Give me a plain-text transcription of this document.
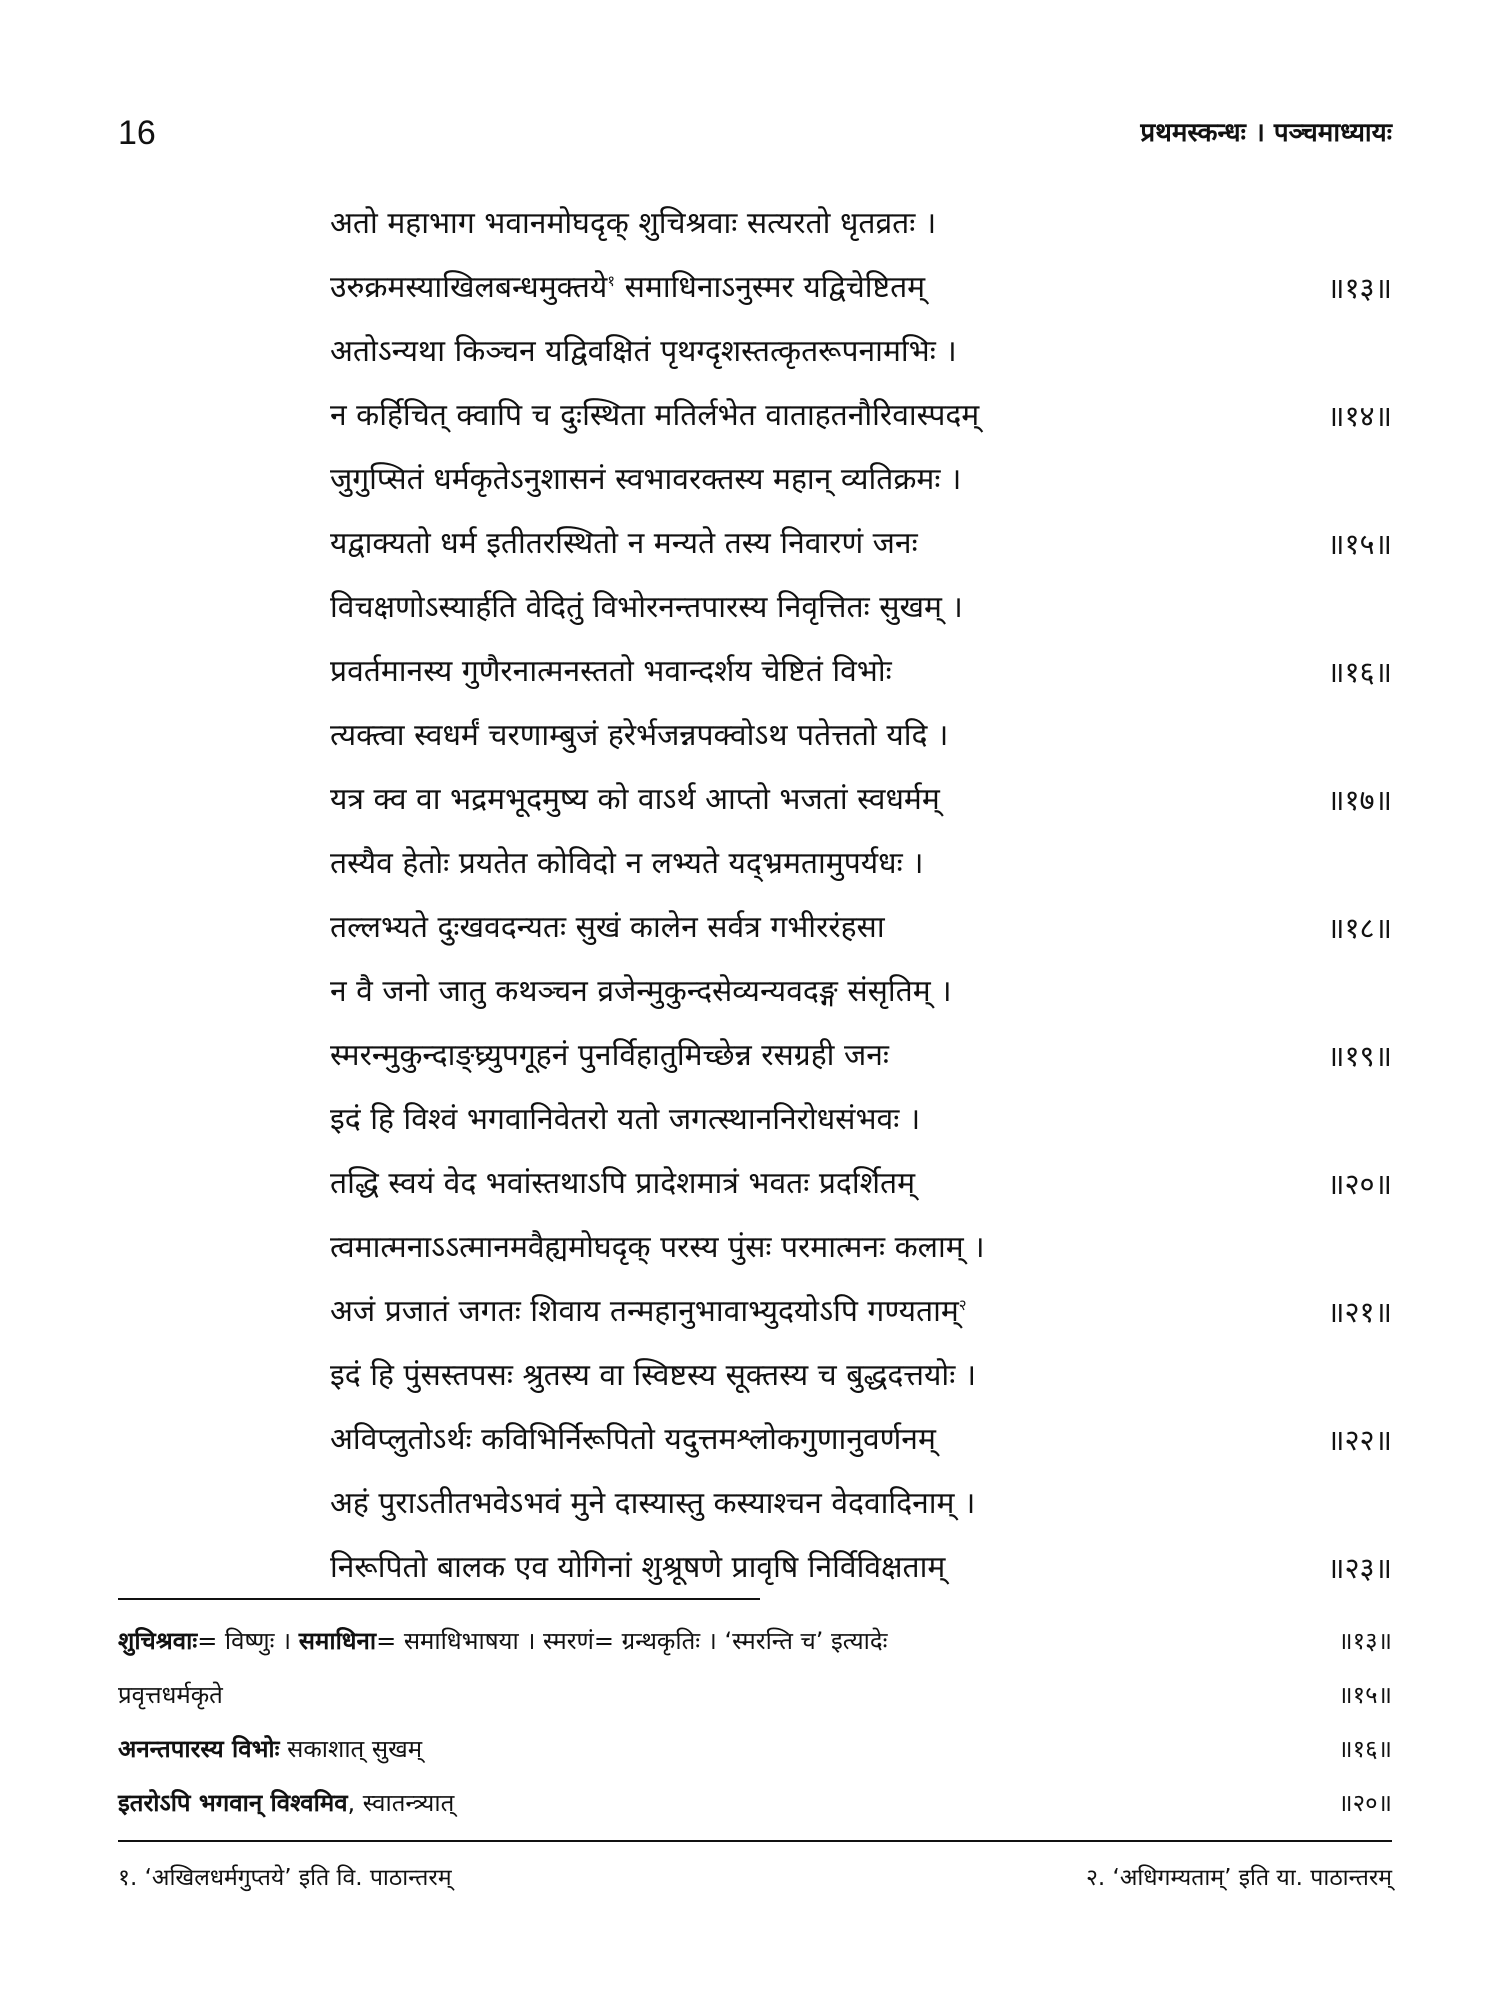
16	प्रथमस्कन्धः । पञ्चमाध्यायः
अतो महाभाग भवानमोघदृक् शुचिश्रवाः सत्यरतो धृतव्रतः ।
उरुक्रमस्याखिलबन्धमुक्तये$^१$ समाधिनाऽनुस्मर यद्विचेष्टितम्	॥१३॥
अतोऽन्यथा किञ्चन यद्विवक्षितं पृथग्दृशस्तत्कृतरूपनामभिः ।
न कर्हिचित् क्वापि च दुःस्थिता मतिर्लभेत वाताहतनौरिवास्पदम्	॥१४॥
जुगुप्सितं धर्मकृतेऽनुशासनं स्वभावरक्तस्य महान् व्यतिक्रमः ।
यद्वाक्यतो धर्म इतीतरस्थितो न मन्यते तस्य निवारणं जनः	॥१५॥
विचक्षणोऽस्यार्हति वेदितुं विभोरनन्तपारस्य निवृत्तितः सुखम् ।
प्रवर्तमानस्य गुणैरनात्मनस्ततो भवान्दर्शय चेष्टितं विभोः	॥१६॥
त्यक्त्वा स्वधर्मं चरणाम्बुजं हरेर्भजन्नपक्वोऽथ पतेत्ततो यदि ।
यत्र क्व वा भद्रमभूदमुष्य को वाऽर्थ आप्तो भजतां स्वधर्मम्	॥१७॥
तस्यैव हेतोः प्रयतेत कोविदो न लभ्यते यद्भ्रमतामुपर्यधः ।
तल्लभ्यते दुःखवदन्यतः सुखं कालेन सर्वत्र गभीररंहसा	॥१८॥
न वै जनो जातु कथञ्चन व्रजेन्मुकुन्दसेव्यन्यवदङ्ग संसृतिम् ।
स्मरन्मुकुन्दाङ्घ्र्युपगूहनं पुनर्विहातुमिच्छेन्न रसग्रही जनः	॥१९॥
इदं हि विश्वं भगवानिवेतरो यतो जगत्स्थाननिरोधसंभवः ।
तद्धि स्वयं वेद भवांस्तथाऽपि प्रादेशमात्रं भवतः प्रदर्शितम्	॥२०॥
त्वमात्मनाऽऽत्मानमवैह्यमोघदृक् परस्य पुंसः परमात्मनः कलाम् ।
अजं प्रजातं जगतः शिवाय तन्महानुभावाभ्युदयोऽपि गण्यताम्$^२$	॥२१॥
इदं हि पुंसस्तपसः श्रुतस्य वा स्विष्टस्य सूक्तस्य च बुद्धदत्तयोः ।
अविप्लुतोऽर्थः कविभिर्निरूपितो यदुत्तमश्लोकगुणानुवर्णनम्	॥२२॥
अहं पुराऽतीतभवेऽभवं मुने दास्यास्तु कस्याश्चन वेदवादिनाम् ।
निरूपितो बालक एव योगिनां शुश्रूषणे प्रावृषि निर्विविक्षताम्	॥२३॥
शुचिश्रवाः= विष्णुः । समाधिना= समाधिभाषया । स्मरणं= ग्रन्थकृतिः । ‘स्मरन्ति च’ इत्यादेः	॥१३॥
प्रवृत्तधर्मकृते	॥१५॥
अनन्तपारस्य विभोः सकाशात् सुखम्	॥१६॥
इतरोऽपि भगवान् विश्वमिव, स्वातन्त्र्यात्	॥२०॥
१. ‘अखिलधर्मगुप्तये’ इति वि. पाठान्तरम्	२. ‘अधिगम्यताम्’ इति या. पाठान्तरम्
